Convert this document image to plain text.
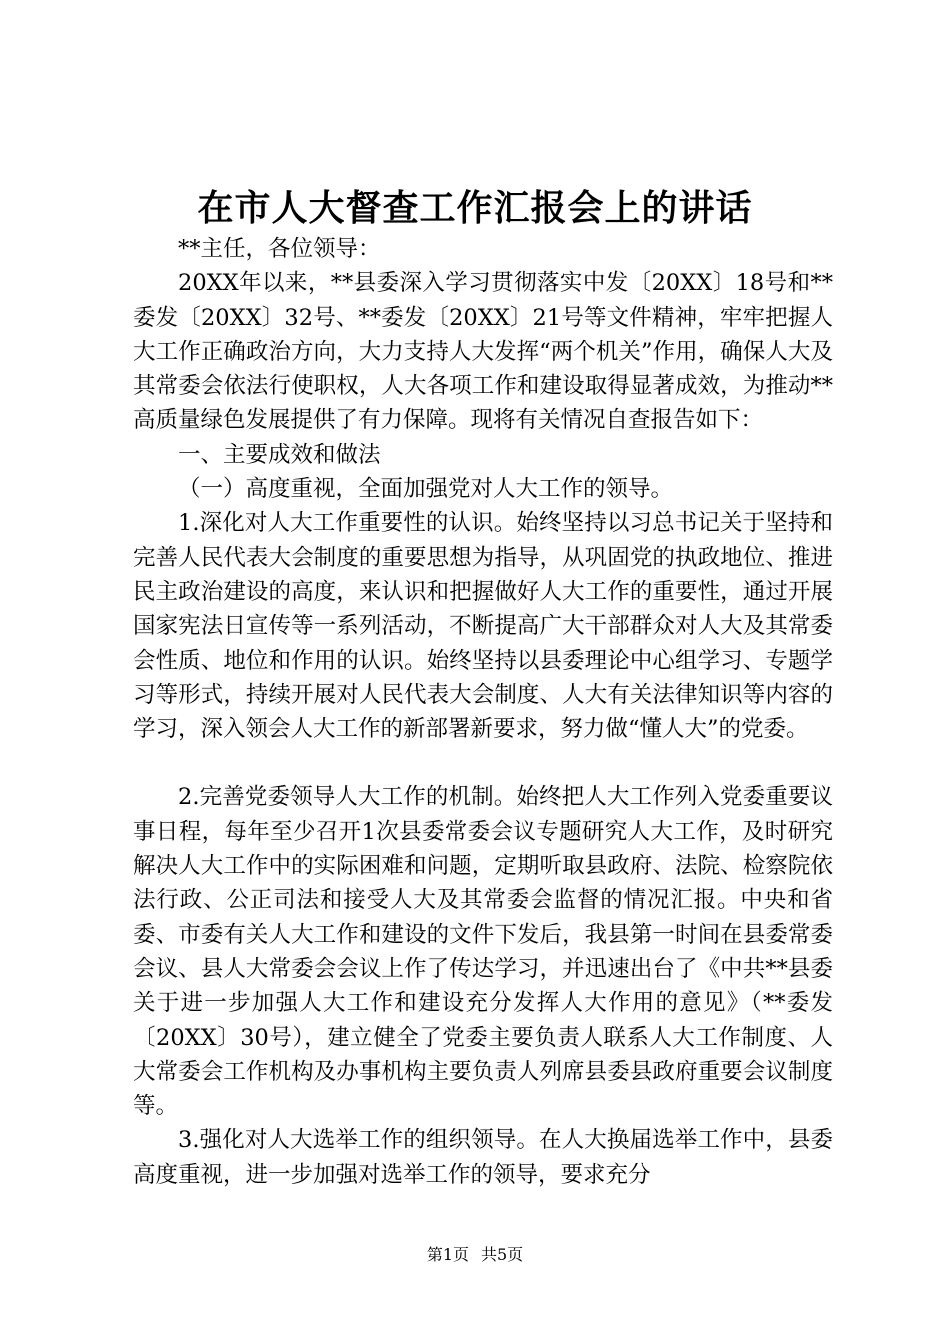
在市人大督查工作汇报会上的讲话

**主任，各位领导：

20XX年以来，**县委深入学习贯彻落实中发〔20XX〕18号和**委发〔20XX〕32号、**委发〔20XX〕21号等文件精神，牢牢把握人大工作正确政治方向，大力支持人大发挥“两个机关”作用，确保人大及其常委会依法行使职权，人大各项工作和建设取得显著成效，为推动**高质量绿色发展提供了有力保障。现将有关情况自查报告如下：

一、主要成效和做法

（一）高度重视，全面加强党对人大工作的领导。

1.深化对人大工作重要性的认识。始终坚持以习总书记关于坚持和完善人民代表大会制度的重要思想为指导，从巩固党的执政地位、推进民主政治建设的高度，来认识和把握做好人大工作的重要性，通过开展国家宪法日宣传等一系列活动，不断提高广大干部群众对人大及其常委会性质、地位和作用的认识。始终坚持以县委理论中心组学习、专题学习等形式，持续开展对人民代表大会制度、人大有关法律知识等内容的学习，深入领会人大工作的新部署新要求，努力做“懂人大”的党委。

2.完善党委领导人大工作的机制。始终把人大工作列入党委重要议事日程，每年至少召开1次县委常委会议专题研究人大工作，及时研究解决人大工作中的实际困难和问题，定期听取县政府、法院、检察院依法行政、公正司法和接受人大及其常委会监督的情况汇报。中央和省委、市委有关人大工作和建设的文件下发后，我县第一时间在县委常委会议、县人大常委会会议上作了传达学习，并迅速出台了《中共**县委关于进一步加强人大工作和建设充分发挥人大作用的意见》（**委发〔20XX〕30号），建立健全了党委主要负责人联系人大工作制度、人大常委会工作机构及办事机构主要负责人列席县委县政府重要会议制度等。

3.强化对人大选举工作的组织领导。在人大换届选举工作中，县委高度重视，进一步加强对选举工作的领导，要求充分

第1页 共5页
